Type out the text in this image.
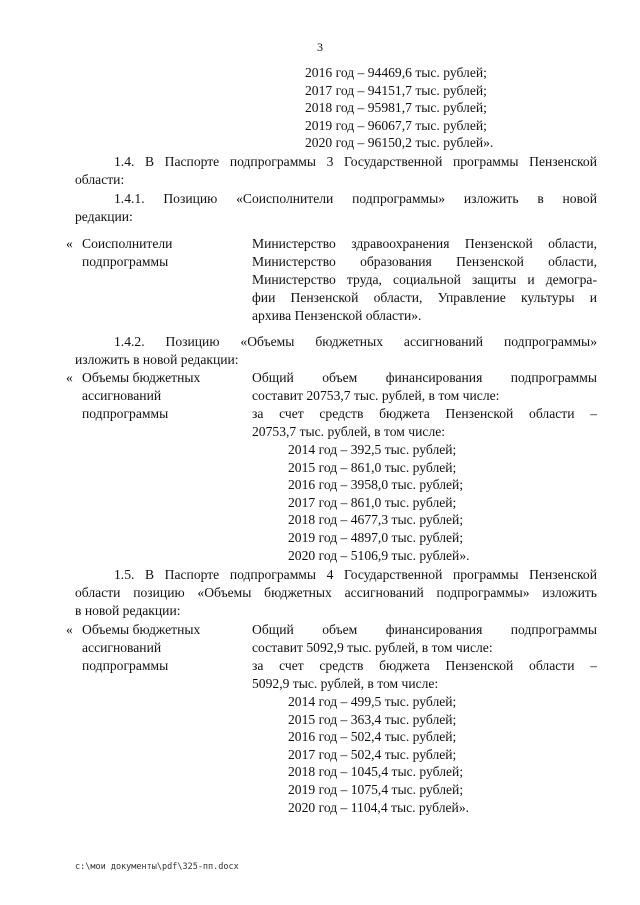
3
2016 год – 94469,6 тыс. рублей;
2017 год – 94151,7 тыс. рублей;
2018 год – 95981,7 тыс. рублей;
2019 год – 96067,7 тыс. рублей;
2020 год – 96150,2 тыс. рублей».
1.4. В Паспорте подпрограммы 3 Государственной программы Пензенской
области:
1.4.1. Позицию «Соисполнители подпрограммы» изложить в новой
редакции:
« Соисполнители
подпрограммы
Министерство здравоохранения Пензенской области,
Министерство образования Пензенской области,
Министерство труда, социальной защиты и демогра-
фии Пензенской области, Управление культуры и
архива Пензенской области».
1.4.2. Позицию «Объемы бюджетных ассигнований подпрограммы»
изложить в новой редакции:
« Объемы бюджетных
ассигнований
подпрограммы
Общий объем финансирования подпрограммы
составит 20753,7 тыс. рублей, в том числе:
за счет средств бюджета Пензенской области –
20753,7 тыс. рублей, в том числе:
2014 год – 392,5 тыс. рублей;
2015 год – 861,0 тыс. рублей;
2016 год – 3958,0 тыс. рублей;
2017 год – 861,0 тыс. рублей;
2018 год – 4677,3 тыс. рублей;
2019 год – 4897,0 тыс. рублей;
2020 год – 5106,9 тыс. рублей».
1.5. В Паспорте подпрограммы 4 Государственной программы Пензенской
области позицию «Объемы бюджетных ассигнований подпрограммы» изложить
в новой редакции:
« Объемы бюджетных
ассигнований
подпрограммы
Общий объем финансирования подпрограммы
составит 5092,9 тыс. рублей, в том числе:
за счет средств бюджета Пензенской области –
5092,9 тыс. рублей, в том числе:
2014 год – 499,5 тыс. рублей;
2015 год – 363,4 тыс. рублей;
2016 год – 502,4 тыс. рублей;
2017 год – 502,4 тыс. рублей;
2018 год – 1045,4 тыс. рублей;
2019 год – 1075,4 тыс. рублей;
2020 год – 1104,4 тыс. рублей».
c:\мои документы\pdf\325-пп.docx
